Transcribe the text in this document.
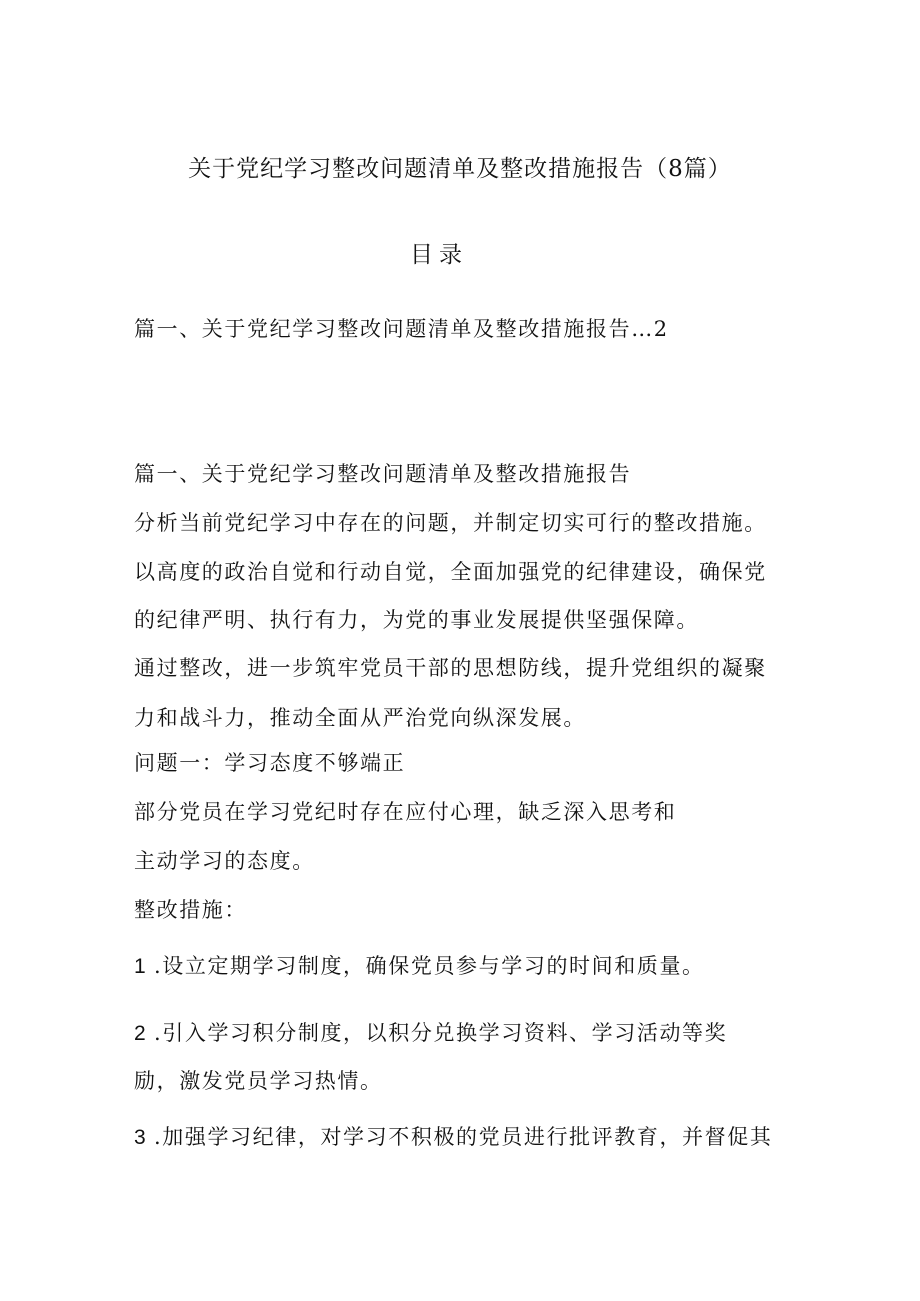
关于党纪学习整改问题清单及整改措施报告（8篇）
目录
篇一、关于党纪学习整改问题清单及整改措施报告…2
篇一、关于党纪学习整改问题清单及整改措施报告
分析当前党纪学习中存在的问题，并制定切实可行的整改措施。
以高度的政治自觉和行动自觉，全面加强党的纪律建设，确保党
的纪律严明、执行有力，为党的事业发展提供坚强保障。
通过整改，进一步筑牢党员干部的思想防线，提升党组织的凝聚
力和战斗力，推动全面从严治党向纵深发展。
问题一：学习态度不够端正
部分党员在学习党纪时存在应付心理，缺乏深入思考和
主动学习的态度。
整改措施：
1 .设立定期学习制度，确保党员参与学习的时间和质量。
2 .引入学习积分制度，以积分兑换学习资料、学习活动等奖
励，激发党员学习热情。
3 .加强学习纪律，对学习不积极的党员进行批评教育，并督促其
